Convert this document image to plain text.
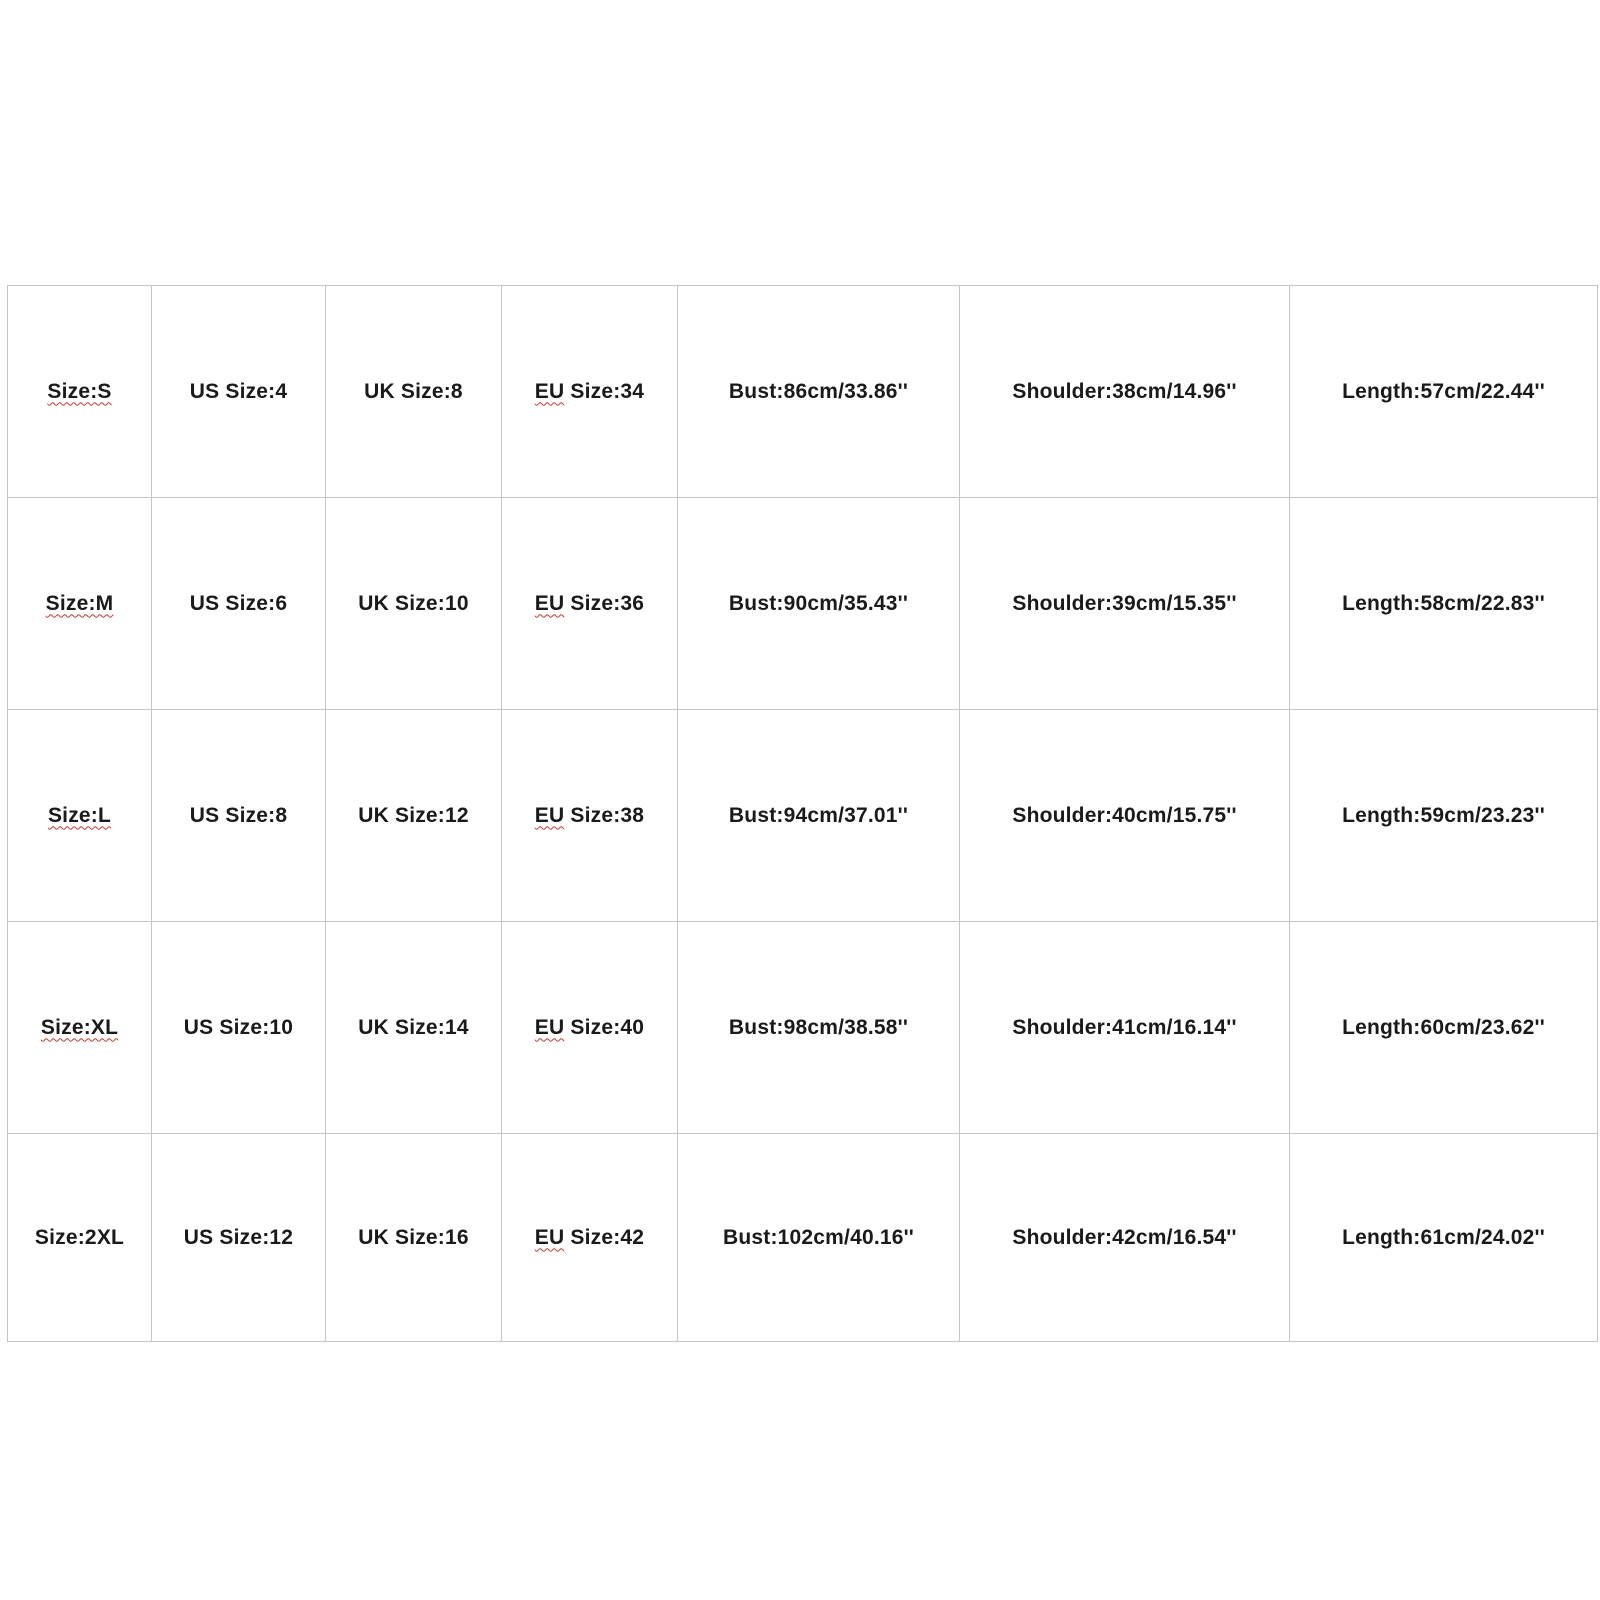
Size:S	US Size:4	UK Size:8	EU Size:34	Bust:86cm/33.86''	Shoulder:38cm/14.96''	Length:57cm/22.44''
Size:M	US Size:6	UK Size:10	EU Size:36	Bust:90cm/35.43''	Shoulder:39cm/15.35''	Length:58cm/22.83''
Size:L	US Size:8	UK Size:12	EU Size:38	Bust:94cm/37.01''	Shoulder:40cm/15.75''	Length:59cm/23.23''
Size:XL	US Size:10	UK Size:14	EU Size:40	Bust:98cm/38.58''	Shoulder:41cm/16.14''	Length:60cm/23.62''
Size:2XL	US Size:12	UK Size:16	EU Size:42	Bust:102cm/40.16''	Shoulder:42cm/16.54''	Length:61cm/24.02''
